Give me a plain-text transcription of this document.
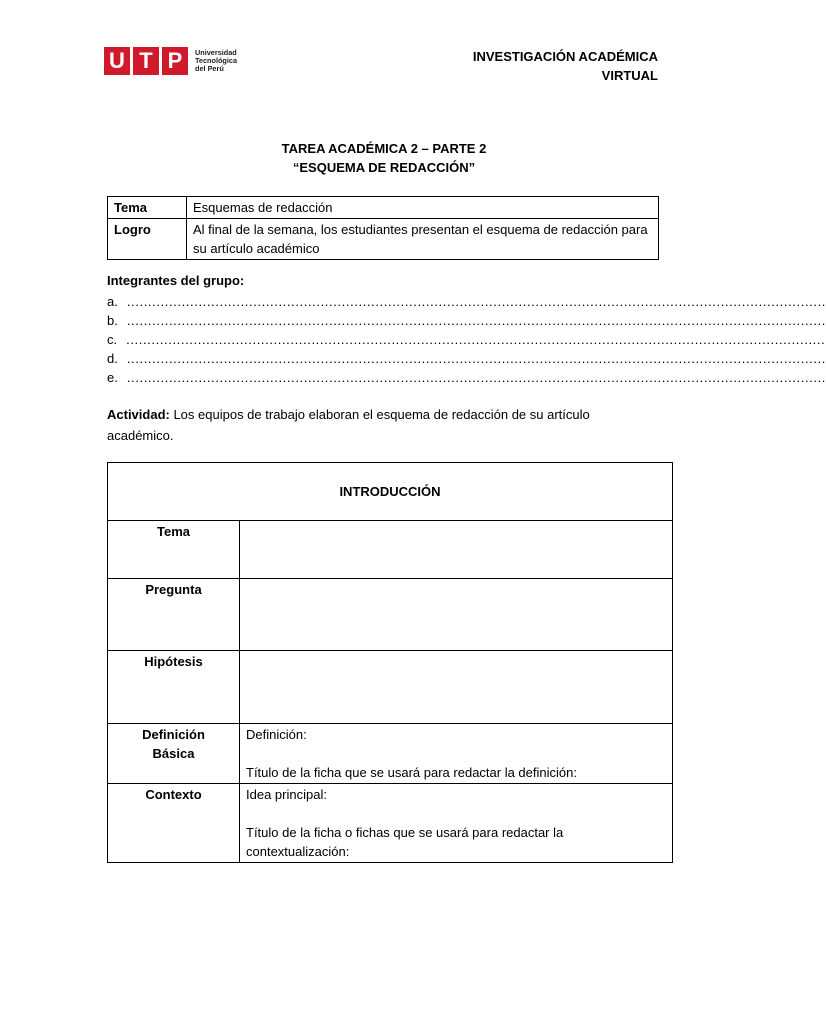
U T P	Universidad
Tecnológica
del Perú
INVESTIGACIÓN ACADÉMICA
VIRTUAL
TAREA ACADÉMICA 2 – PARTE 2
“ESQUEMA DE REDACCIÓN”
Tema	Esquemas de redacción
Logro	Al final de la semana, los estudiantes presentan el esquema de redacción para su artículo académico
Integrantes del grupo:
a. ......................................................................................................................................................................
b. ......................................................................................................................................................................
c. ......................................................................................................................................................................
d. ......................................................................................................................................................................
e. ......................................................................................................................................................................
Actividad: Los equipos de trabajo elaboran el esquema de redacción de su artículo académico.
INTRODUCCIÓN	
Tema	
Pregunta	
Hipótesis	
Definición
Básica	Definición:
Título de la ficha que se usará para redactar la definición:
Contexto	Idea principal:
Título de la ficha o fichas que se usará para redactar la contextualización:
